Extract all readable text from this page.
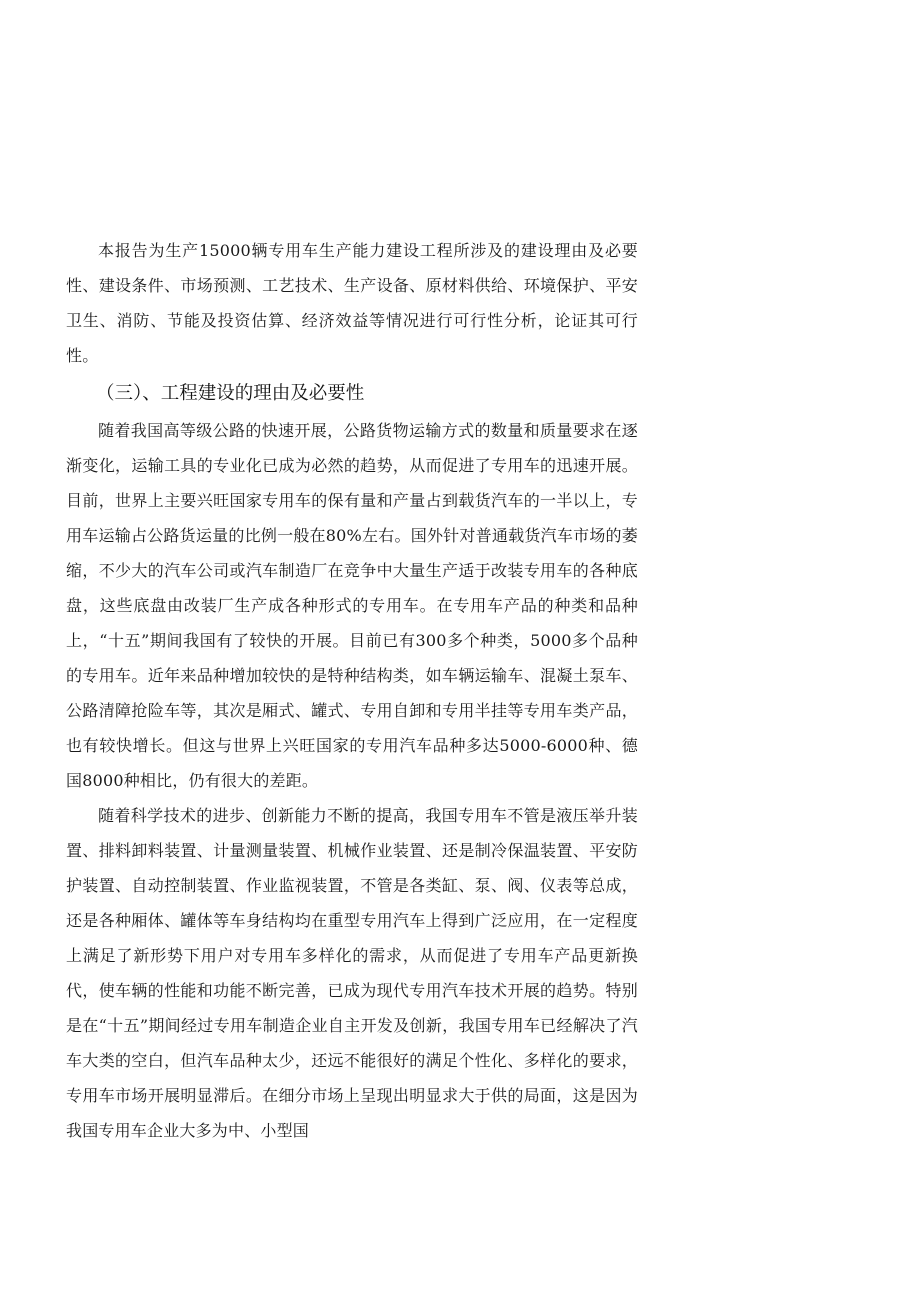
本报告为生产15000辆专用车生产能力建设工程所涉及的建设理由及必要性、建设条件、市场预测、工艺技术、生产设备、原材料供给、环境保护、平安卫生、消防、节能及投资估算、经济效益等情况进行可行性分析，论证其可行性。

（三）、工程建设的理由及必要性

随着我国高等级公路的快速开展，公路货物运输方式的数量和质量要求在逐渐变化，运输工具的专业化已成为必然的趋势，从而促进了专用车的迅速开展。目前，世界上主要兴旺国家专用车的保有量和产量占到载货汽车的一半以上，专用车运输占公路货运量的比例一般在80%左右。国外针对普通载货汽车市场的萎缩，不少大的汽车公司或汽车制造厂在竞争中大量生产适于改装专用车的各种底盘，这些底盘由改装厂生产成各种形式的专用车。在专用车产品的种类和品种上，“十五”期间我国有了较快的开展。目前已有300多个种类，5000多个品种的专用车。近年来品种增加较快的是特种结构类，如车辆运输车、混凝土泵车、公路清障抢险车等，其次是厢式、罐式、专用自卸和专用半挂等专用车类产品，也有较快增长。但这与世界上兴旺国家的专用汽车品种多达5000-6000种、德国8000种相比，仍有很大的差距。

随着科学技术的进步、创新能力不断的提高，我国专用车不管是液压举升装置、排料卸料装置、计量测量装置、机械作业装置、还是制冷保温装置、平安防护装置、自动控制装置、作业监视装置，不管是各类缸、泵、阀、仪表等总成，还是各种厢体、罐体等车身结构均在重型专用汽车上得到广泛应用，在一定程度上满足了新形势下用户对专用车多样化的需求，从而促进了专用车产品更新换代，使车辆的性能和功能不断完善，已成为现代专用汽车技术开展的趋势。特别是在“十五”期间经过专用车制造企业自主开发及创新，我国专用车已经解决了汽车大类的空白，但汽车品种太少，还远不能很好的满足个性化、多样化的要求，专用车市场开展明显滞后。在细分市场上呈现出明显求大于供的局面，这是因为我国专用车企业大多为中、小型国
